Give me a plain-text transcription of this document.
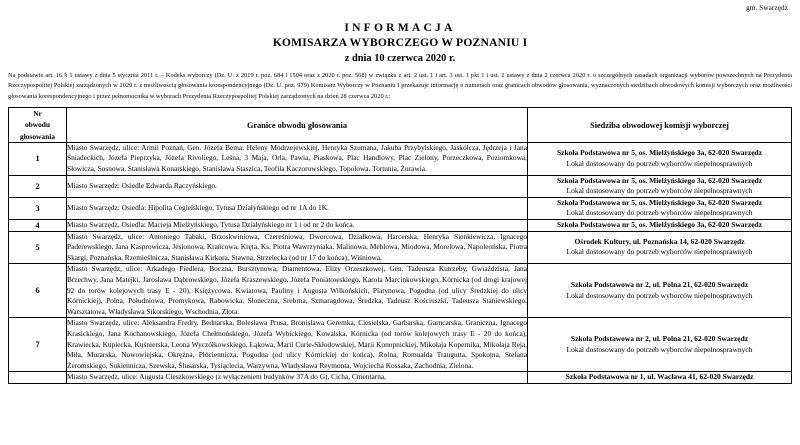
gm. Swarzędz
INFORMACJA
KOMISARZA WYBORCZEGO W POZNANIU I
z dnia 10 czerwca 2020 r.
Na podstawie art. 16 § 1 ustawy z dnia 5 stycznia 2011 r. – Kodeks wyborczy (Dz. U. z 2019 r. poz. 684 i 1504 oraz z 2020 r. poz. 568) w związku z art. 2 ust. 1 i art. 3 ust. 1 pkt 1 i ust. 2 ustawy z dnia 2 czerwca 2020 r. o szczególnych zasadach organizacji wyborów powszechnych na Prezydenta Rzeczypospolitej Polskiej zarządzonych w 2020 r. z możliwością głosowania korespondencyjnego (Dz. U. poz. 979) Komisarz Wyborczy w Poznaniu I przekazuje informację o numerach oraz granicach obwodów głosowania, wyznaczonych siedzibach obwodowych komisji wyborczych oraz możliwości głosowania korespondencyjnego i przez pełnomocnika w wyborach Prezydenta Rzeczypospolitej Polskiej zarządzonych na dzień 28 czerwca 2020 r.:
Nr
obwodu
głosowania	Granice obwodu głosowania	Siedziba obwodowej komisji wyborczej
1	Miasto Swarzędz, ulice: Armii Poznań, Gen. Józefa Bema, Heleny Modrzejewskiej, Henryka Szumana, Jakuba Przybylskiego, Jaskółcza, Jędrzeja i Jana Śniadeckich, Józefa Pieprzyka, Józefa Rivoliego, Leśna, 3 Maja, Orla, Pawia, Piaskowa, Plac Handlowy, Plac Zielony, Porzeczkowa, Poziomkowa, Słowicza, Sosnowa, Stanisława Konarskiego, Stanisława Staszica, Teofila Kaczorowskiego, Topolowa, Tortunia, Żurawia.	Szkoła Podstawowa nr 5, os. Mielżyńskiego 3a, 62-020 Swarzędz
Lokal dostosowany do potrzeb wyborców niepełnosprawnych

2	Miasto Swarzędz: Osiedle Edwarda Raczyńskiego.	Szkoła Podstawowa nr 5, os. Mielżyńskiego 3a, 62-020 Swarzędz
Lokal dostosowany do potrzeb wyborców niepełnosprawnych

3	Miasto Swarzędz: Osiedla: Hipolita Cegielskiego, Tytusa Działyńskiego od nr 1A do 1K.	Szkoła Podstawowa nr 5, os. Mielżyńskiego 3a, 62-020 Swarzędz
Lokal dostosowany do potrzeb wyborców niepełnosprawnych

4	Miasto Swarzędz, Osiedla: Macieja Mielżyńskiego, Tytusa Działyńskiego nr 1 i od nr 2 do końca.	Szkoła Podstawowa nr 5, os. Mielżyńskiego 3a, 62-020 Swarzędz

5	Miasto Swarzędz, ulice: Antoniego Tabaki, Brzoskwiniowa, Czereśniowa, Dworcowa, Działkowa, Harcerska, Henryka Sienkiewicza, Ignacego Paderewskiego, Jana Kasprowicza, Jesionowa, Krańcowa, Kręta, Ks. Piotra Wawrzyniaka, Malinowa, Meblowa, Miodowa, Morelowa, Napoleońska, Piotra Skargi, Poznańska, Rzemieślnicza, Stanisława Kirkora, Stawna, Strzelecka (od nr 17 do końca), Wiśniowa.	Ośrodek Kultury, ul. Poznańska 14, 62-020 Swarzędz
Lokal dostosowany do potrzeb wyborców niepełnosprawnych

6	Miasto Swarzędz, ulice: Arkadego Fiedlera, Boczna, Bursztynowa, Diamentowa, Elizy Orzeszkowej, Gen. Tadeusza Kutrzeby, Gwiaździsta, Jana Brzechwy, Jana Matejki, Jarosława Dąbrowskiego, Józefa Kraszewskiego, Józefa Poniatowskiego, Karola Marcinkowskiego, Kórnicka (od drogi krajowej 92 do torów kolejowych trasy E - 20), Księżycowa, Kwiatowa, Pauliny i Augusta Wilkońskich, Platynowa, Pogodna (od ulicy Średzkiej do ulicy Kórnickiej), Polna, Południowa, Promykowa, Rabowicka, Słoneczna, Srebrna, Szmaragdowa, Średzka, Tadeusz Kościuszki, Tadeusza Staniewskiego, Warsztatowa, Władysława Sikorskiego, Wschodnia, Złota.	Szkoła Podstawowa nr 2, ul. Polna 21, 62-020 Swarzędz
Lokal dostosowany do potrzeb wyborców niepełnosprawnych

7	Miasto Swarzędz, ulice: Aleksandra Fredry, Bednarska, Bolesława Prusa, Bronisława Geremka, Ciesielska, Garbarska, Garncarska, Graniczna, Ignacego Krasickiego, Jana Kochanowskiego, Józefa Chełmońskiego, Józefa Wybickiego, Kowalska, Kórnicka (od torów kolejowych trasy E - 20 do końca), Krawiecka, Kupiecka, Kuśnierska, Leona Wyczółkowskiego, Łąkowa, Marii Curie-Skłodowskiej, Marii Konopnickiej, Mikołaja Kopernika, Mikołaja Reja, Miła, Murarska, Nowowiejska, Okrężna, Płóciennicza, Pogodna (od ulicy Kórnickiej do końca), Rolna, Romualda Traugutta, Spokojna, Stefana Żeromskiego, Sukiennicza, Szewska, Ślusarska, Tysiąclecia, Warzywna, Władysława Reymonta, Wojciecha Kossaka, Zachodnia, Zielona.	Szkoła Podstawowa nr 2, ul. Polna 21, 62-020 Swarzędz
Lokal dostosowany do potrzeb wyborców niepełnosprawnych

	Miasto Swarzędz, ulice: Augusta Cieszkowskiego (z wyłączeniem budynków 37A do G), Cicha, Cmentarna,	Szkoła Podstawowa nr 1, ul. Wacława 41, 62-020 Swarzędz
